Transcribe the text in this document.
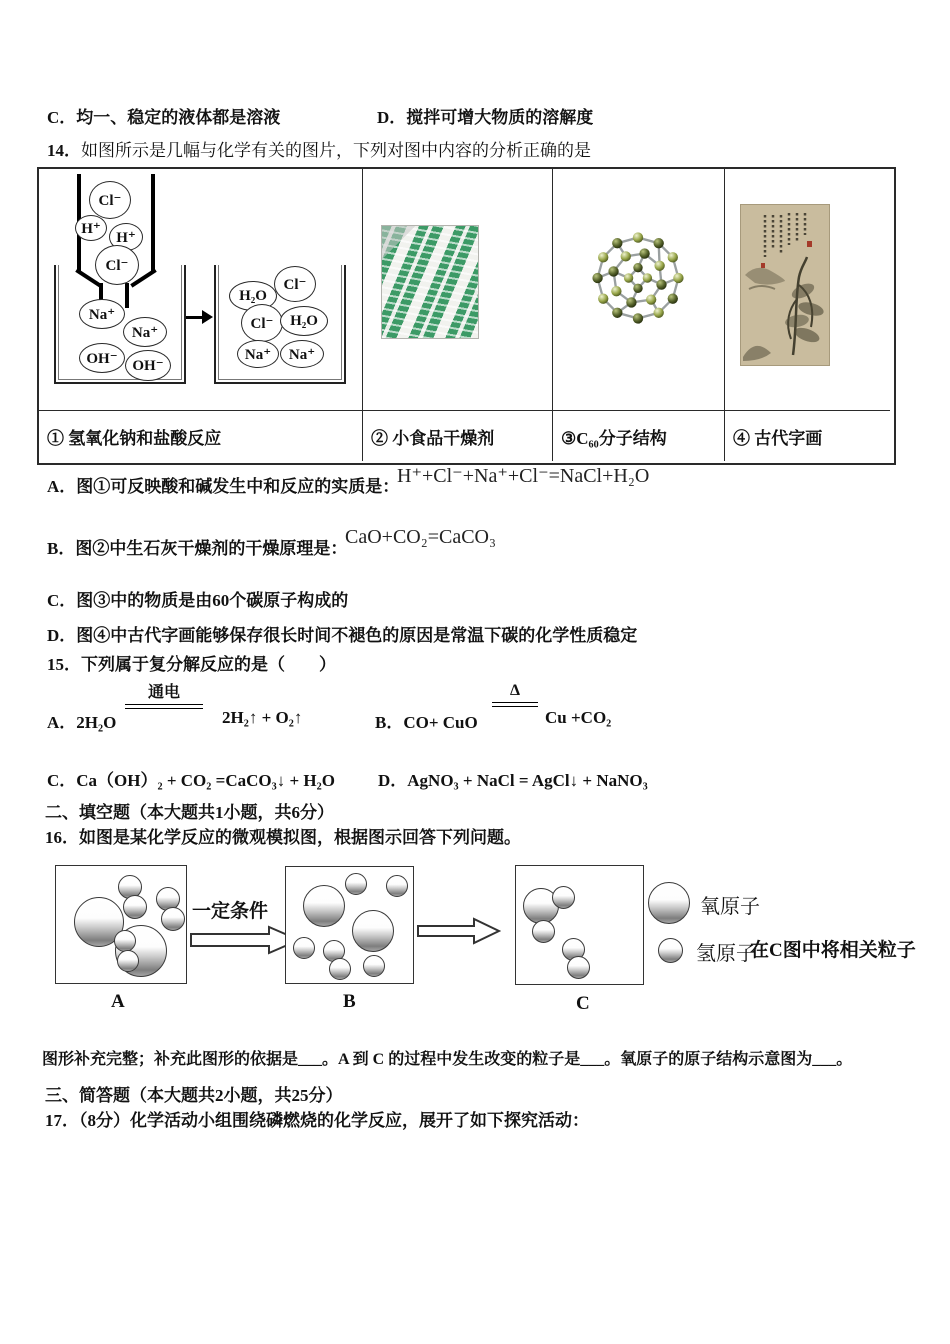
C．均一、稳定的液体都是溶液	D．搅拌可增大物质的溶解度
14．如图所示是几幅与化学有关的图片，下列对图中内容的分析正确的是
Cl⁻
H⁺
H⁺
Cl⁻
Na⁺
Na⁺
OH⁻ OH⁻
H₂O
Cl⁻
Cl⁻	H₂O
Na⁺	Na⁺
① 氢氧化钠和盐酸反应	② 小食品干燥剂	③C₆₀分子结构	④ 古代字画
A．图①可反映酸和碱发生中和反应的实质是：
H⁺+Cl⁻+Na⁺+Cl⁻=NaCl+H₂O
B．图②中生石灰干燥剂的干燥原理是：
CaO+CO₂=CaCO₃
C．图③中的物质是由60个碳原子构成的
D．图④中古代字画能够保存很长时间不褪色的原因是常温下碳的化学性质稳定
15．下列属于复分解反应的是（　　）
A．2H₂O
通电
2H₂↑ + O₂↑	B．CO+ CuO
Δ
Cu +CO₂
C．Ca（OH）₂ + CO₂ =CaCO₃↓ + H₂O	D．AgNO₃ + NaCl = AgCl↓ + NaNO₃
二、填空题（本大题共1小题，共6分）
16．如图是某化学反应的微观模拟图，根据图示回答下列问题。
一定条件	氧原子
氢原子
在C图中将相关粒子
A	B	C
图形补充完整；补充此图形的依据是___。A 到 C 的过程中发生改变的粒子是___。氧原子的原子结构示意图为___。
三、简答题（本大题共2小题，共25分）
17．（8分）化学活动小组围绕磷燃烧的化学反应，展开了如下探究活动：
